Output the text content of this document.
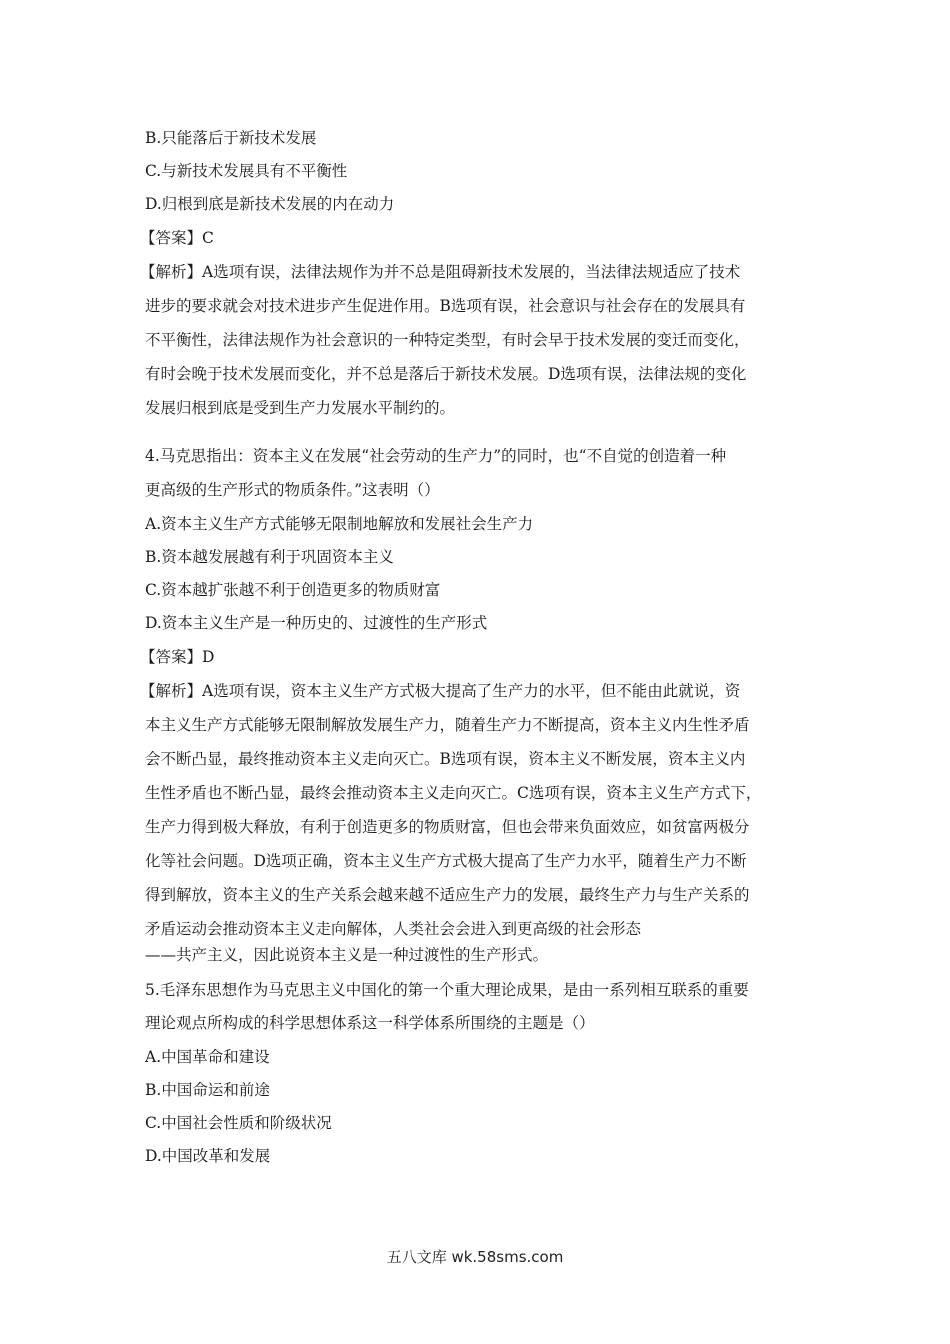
B.只能落后于新技术发展

C.与新技术发展具有不平衡性

D.归根到底是新技术发展的内在动力

【答案】C

【解析】A选项有误，法律法规作为并不总是阻碍新技术发展的，当法律法规适应了技术

进步的要求就会对技术进步产生促进作用。B选项有误，社会意识与社会存在的发展具有

不平衡性，法律法规作为社会意识的一种特定类型，有时会早于技术发展的变迁而变化，

有时会晚于技术发展而变化，并不总是落后于新技术发展。D选项有误，法律法规的变化

发展归根到底是受到生产力发展水平制约的。

4.马克思指出：资本主义在发展“社会劳动的生产力”的同时，也“不自觉的创造着一种

更高级的生产形式的物质条件。”这表明（）

A.资本主义生产方式能够无限制地解放和发展社会生产力

B.资本越发展越有利于巩固资本主义

C.资本越扩张越不利于创造更多的物质财富

D.资本主义生产是一种历史的、过渡性的生产形式

【答案】D

【解析】A选项有误，资本主义生产方式极大提高了生产力的水平，但不能由此就说，资

本主义生产方式能够无限制解放发展生产力，随着生产力不断提高，资本主义内生性矛盾

会不断凸显，最终推动资本主义走向灭亡。B选项有误，资本主义不断发展，资本主义内

生性矛盾也不断凸显，最终会推动资本主义走向灭亡。C选项有误，资本主义生产方式下，

生产力得到极大释放，有利于创造更多的物质财富，但也会带来负面效应，如贫富两极分

化等社会问题。D选项正确，资本主义生产方式极大提高了生产力水平，随着生产力不断

得到解放，资本主义的生产关系会越来越不适应生产力的发展，最终生产力与生产关系的

矛盾运动会推动资本主义走向解体，人类社会会进入到更高级的社会形态

——共产主义，因此说资本主义是一种过渡性的生产形式。

5.毛泽东思想作为马克思主义中国化的第一个重大理论成果，是由一系列相互联系的重要

理论观点所构成的科学思想体系这一科学体系所围绕的主题是（）

A.中国革命和建设

B.中国命运和前途

C.中国社会性质和阶级状况

D.中国改革和发展

五八文库 wk.58sms.com
